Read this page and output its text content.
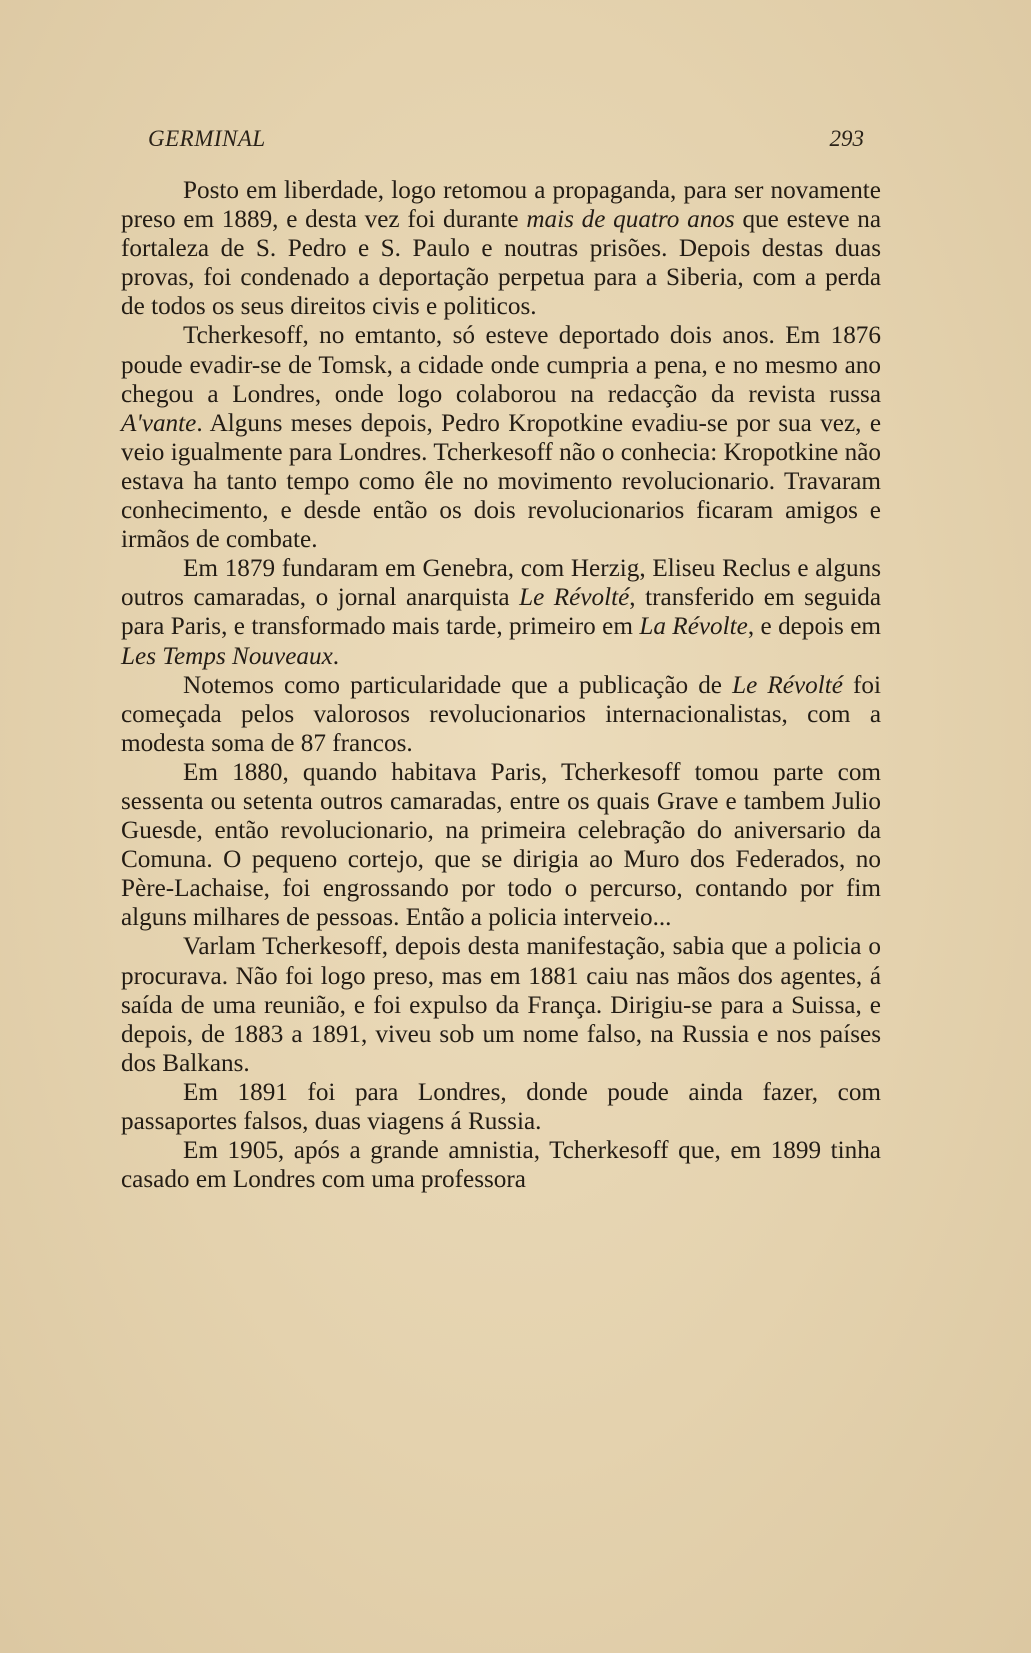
GERMINAL	293

Posto em liberdade, logo retomou a propaganda, para ser novamente preso em 1889, e desta vez foi durante mais de quatro anos que esteve na fortaleza de S. Pedro e S. Paulo e noutras prisões. Depois destas duas provas, foi condenado a deportação perpetua para a Siberia, com a perda de todos os seus direitos civis e politicos.

Tcherkesoff, no emtanto, só esteve deportado dois anos. Em 1876 poude evadir-se de Tomsk, a cidade onde cumpria a pena, e no mesmo ano chegou a Londres, onde logo colaborou na redacção da revista russa A'vante. Alguns meses depois, Pedro Kropotkine evadiu-se por sua vez, e veio igualmente para Londres. Tcherkesoff não o conhecia: Kropotkine não estava ha tanto tempo como êle no movimento revolucionario. Travaram conhecimento, e desde então os dois revolucionarios ficaram amigos e irmãos de combate.

Em 1879 fundaram em Genebra, com Herzig, Eliseu Reclus e alguns outros camaradas, o jornal anarquista Le Révolté, transferido em seguida para Paris, e transformado mais tarde, primeiro em La Révolte, e depois em Les Temps Nouveaux.

Notemos como particularidade que a publicação de Le Révolté foi começada pelos valorosos revolucionarios internacionalistas, com a modesta soma de 87 francos.

Em 1880, quando habitava Paris, Tcherkesoff tomou parte com sessenta ou setenta outros camaradas, entre os quais Grave e tambem Julio Guesde, então revolucionario, na primeira celebração do aniversario da Comuna. O pequeno cortejo, que se dirigia ao Muro dos Federados, no Père-Lachaise, foi engrossando por todo o percurso, contando por fim alguns milhares de pessoas. Então a policia interveio...

Varlam Tcherkesoff, depois desta manifestação, sabia que a policia o procurava. Não foi logo preso, mas em 1881 caiu nas mãos dos agentes, á saída de uma reunião, e foi expulso da França. Dirigiu-se para a Suissa, e depois, de 1883 a 1891, viveu sob um nome falso, na Russia e nos países dos Balkans.

Em 1891 foi para Londres, donde poude ainda fazer, com passaportes falsos, duas viagens á Russia.

Em 1905, após a grande amnistia, Tcherkesoff que, em 1899 tinha casado em Londres com uma professora
